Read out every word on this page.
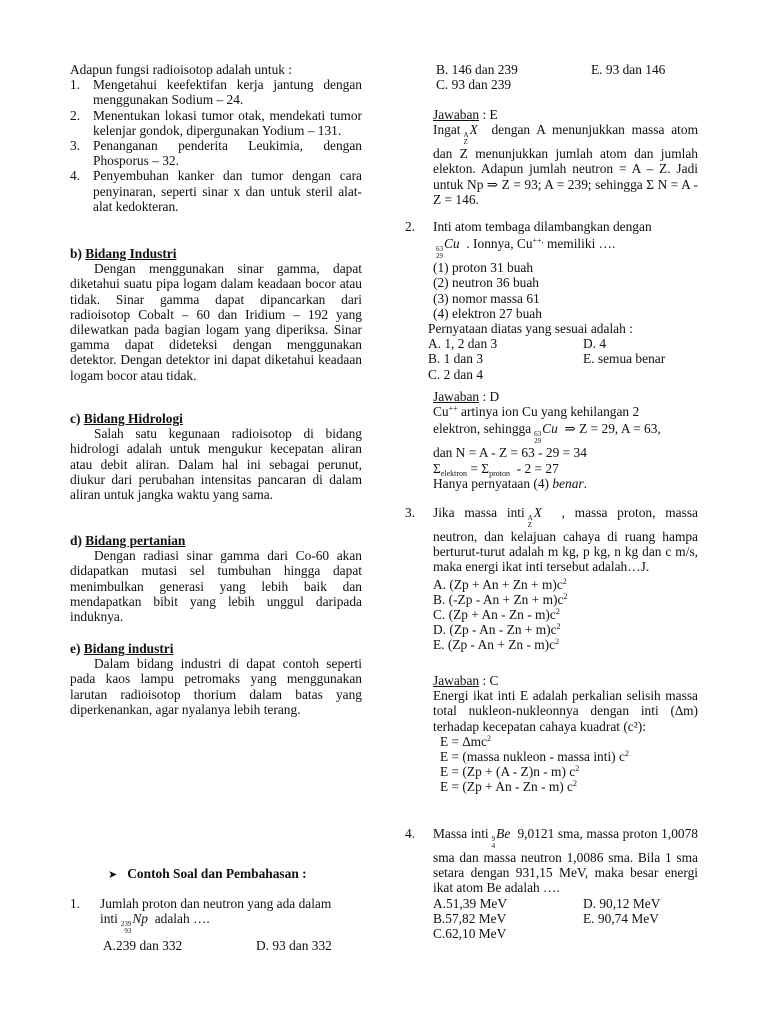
Adapun fungsi radioisotop adalah untuk :
1. Mengetahui keefektifan kerja jantung dengan menggunakan Sodium – 24.
2. Menentukan lokasi tumor otak, mendekati tumor kelenjar gondok, dipergunakan Yodium – 131.
3. Penanganan penderita Leukimia, dengan Phosporus – 32.
4. Penyembuhan kanker dan tumor dengan cara penyinaran, seperti sinar x dan untuk steril alat-alat kedokteran.
b) Bidang Industri
Dengan menggunakan sinar gamma, dapat diketahui suatu pipa logam dalam keadaan bocor atau tidak. Sinar gamma dapat dipancarkan dari radioisotop Cobalt – 60 dan Iridium – 192 yang dilewatkan pada bagian logam yang diperiksa. Sinar gamma dapat dideteksi dengan menggunakan detektor. Dengan detektor ini dapat diketahui keadaan logam bocor atau tidak.
c) Bidang Hidrologi
Salah satu kegunaan radioisotop di bidang hidrologi adalah untuk mengukur kecepatan aliran atau debit aliran. Dalam hal ini sebagai perunut, diukur dari perubahan intensitas pancaran di dalam aliran untuk jangka waktu yang sama.
d) Bidang pertanian
Dengan radiasi sinar gamma dari Co-60 akan didapatkan mutasi sel tumbuhan hingga dapat menimbulkan generasi yang lebih baik dan mendapatkan bibit yang lebih unggul daripada induknya.
e) Bidang industri
Dalam bidang industri di dapat contoh seperti pada kaos lampu petromaks yang menggunakan larutan radioisotop thorium dalam batas yang diperkenankan, agar nyalanya lebih terang.
➤ Contoh Soal dan Pembahasan :
1.	Jumlah proton dan neutron yang ada dalam
inti 239
93
Np adalah ….
A.239 dan 332	D. 93 dan 332
B. 146 dan 239	E. 93 dan 146
C. 93 dan 239
Jawaban : E
Ingat A
Z
X dengan A menunjukkan massa atom dan Z menunjukkan jumlah atom dan jumlah elekton. Adapun jumlah neutron = A – Z. Jadi untuk Np ⇒ Z = 93; A = 239; sehingga Σ N = A - Z = 146.
2.	Inti atom tembaga dilambangkan dengan
63
29
Cu . Ionnya, Cu++, memiliki ….
(1) proton 31 buah
(2) neutron 36 buah
(3) nomor massa 61
(4) elektron 27 buah
Pernyataan diatas yang sesuai adalah :
A. 1, 2 dan 3	D. 4
B. 1 dan 3	E. semua benar
C. 2 dan 4
Jawaban : D
Cu++ artinya ion Cu yang kehilangan 2
elektron, sehingga 63
29
Cu ⇒ Z = 29, A = 63,
dan N = A - Z = 63 - 29 = 34
$\Sigma_{elektron} = \Sigma_{proton} - 2 = 27$
Hanya pernyataan (4) benar.
3.	Jika massa inti A
Z
X , massa proton, massa neutron, dan kelajuan cahaya di ruang hampa berturut-turut adalah m kg, p kg, n kg dan c m/s, maka energi ikat inti tersebut adalah…J.
A. $(Zp + An + Zn + m)c^2$
B. $(-Zp - An + Zn + m)c^2$
C. $(Zp + An - Zn - m)c^2$
D. $(Zp - An - Zn + m)c^2$
E. $(Zp - An + Zn - m)c^2$
Jawaban : C
Energi ikat inti E adalah perkalian selisih massa total nukleon-nukleonnya dengan inti (∆m) terhadap kecepatan cahaya kuadrat (c²):
$E = \Delta mc^2$
E = (massa nukleon - massa inti) $c^2$
E = (Zp + (A - Z)n - m) $c^2$
E = (Zp + An - Zn - m) $c^2$
4.	Massa inti 9
4
Be 9,0121 sma, massa proton 1,0078 sma dan massa neutron 1,0086 sma. Bila 1 sma setara dengan 931,15 MeV, maka besar energi ikat atom Be adalah ….
A.51,39 MeV	D. 90,12 MeV
B.57,82 MeV	E. 90,74 MeV
C.62,10 MeV
